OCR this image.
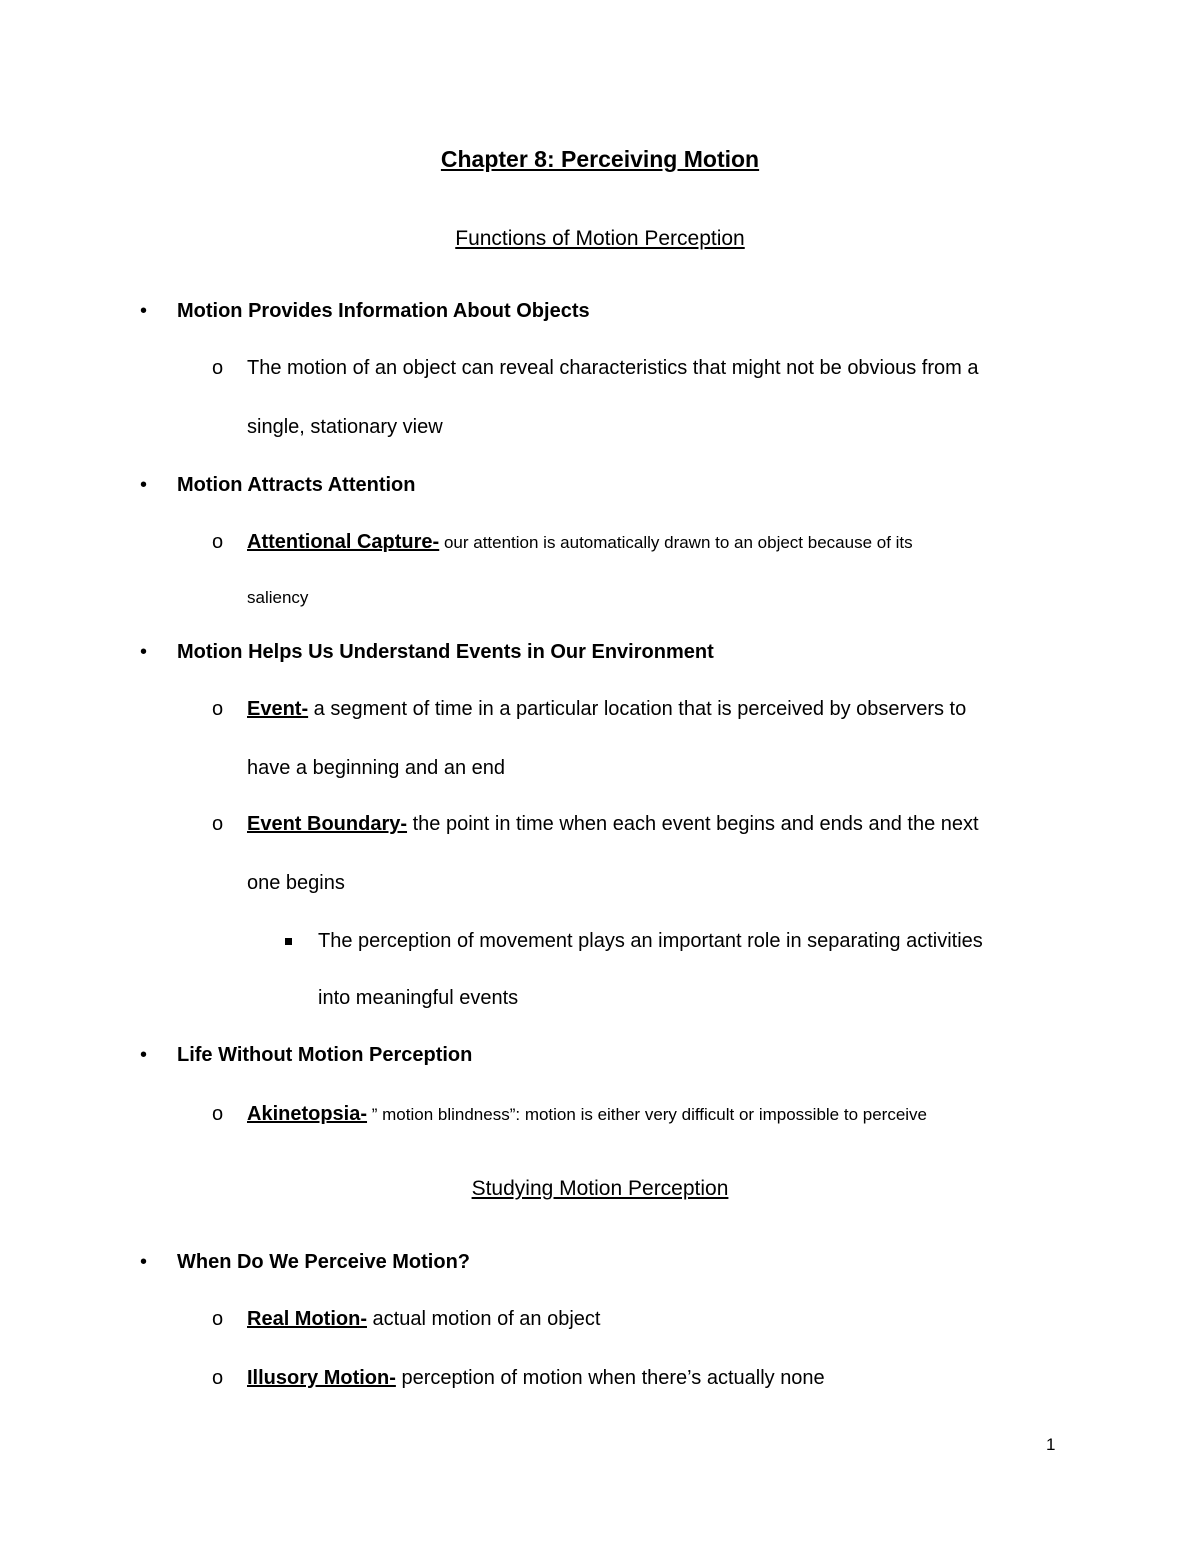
Chapter 8: Perceiving Motion
Functions of Motion Perception
• Motion Provides Information About Objects
o The motion of an object can reveal characteristics that might not be obvious from a
single, stationary view
• Motion Attracts Attention
o Attentional Capture- our attention is automatically drawn to an object because of its
saliency
• Motion Helps Us Understand Events in Our Environment
o Event- a segment of time in a particular location that is perceived by observers to
have a beginning and an end
o Event Boundary- the point in time when each event begins and ends and the next
one begins
The perception of movement plays an important role in separating activities
into meaningful events
• Life Without Motion Perception
o Akinetopsia- ” motion blindness”: motion is either very difficult or impossible to perceive
Studying Motion Perception
• When Do We Perceive Motion?
o Real Motion- actual motion of an object
o Illusory Motion- perception of motion when there’s actually none
1
